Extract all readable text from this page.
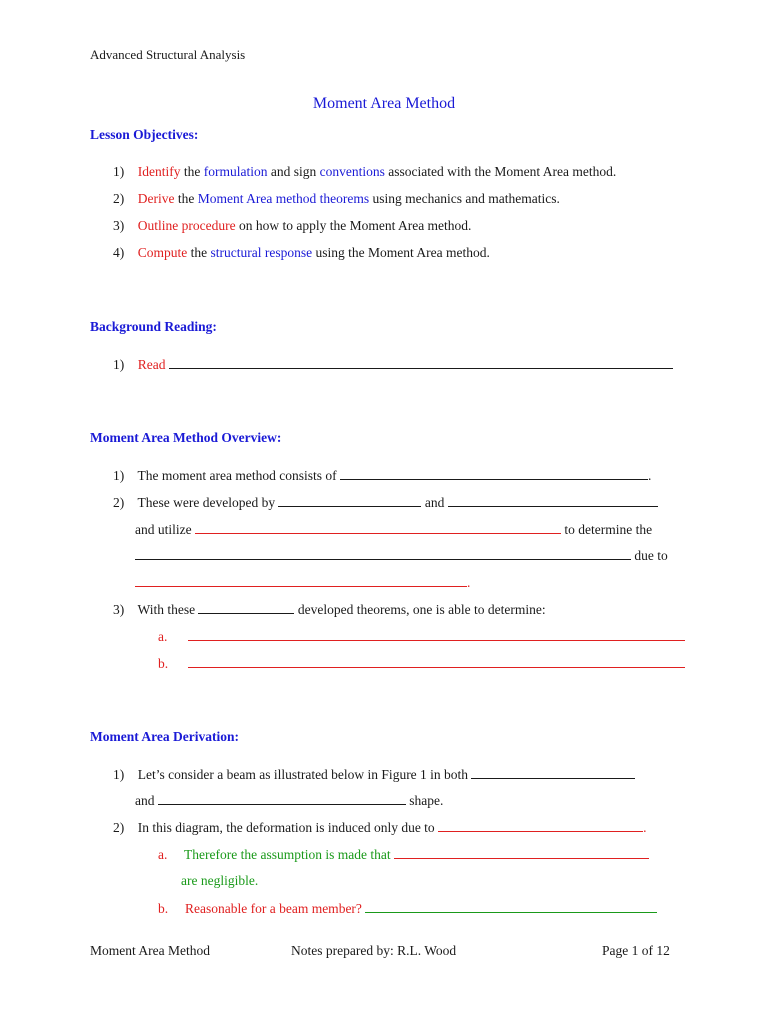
Advanced Structural Analysis
Moment Area Method
Lesson Objectives:
1) Identify the formulation and sign conventions associated with the Moment Area method.
2) Derive the Moment Area method theorems using mechanics and mathematics.
3) Outline procedure on how to apply the Moment Area method.
4) Compute the structural response using the Moment Area method.
Background Reading:
1) Read
Moment Area Method Overview:
1) The moment area method consists of	.
2) These were developed by	and
and utilize	to determine the
due to
.
3) With these	developed theorems, one is able to determine:
a.
b.
Moment Area Derivation:
1) Let’s consider a beam as illustrated below in Figure 1 in both
and	shape.
2) In this diagram, the deformation is induced only due to	.
a. Therefore the assumption is made that
are negligible.
b. Reasonable for a beam member?
Moment Area Method	Notes prepared by: R.L. Wood	Page 1 of 12
